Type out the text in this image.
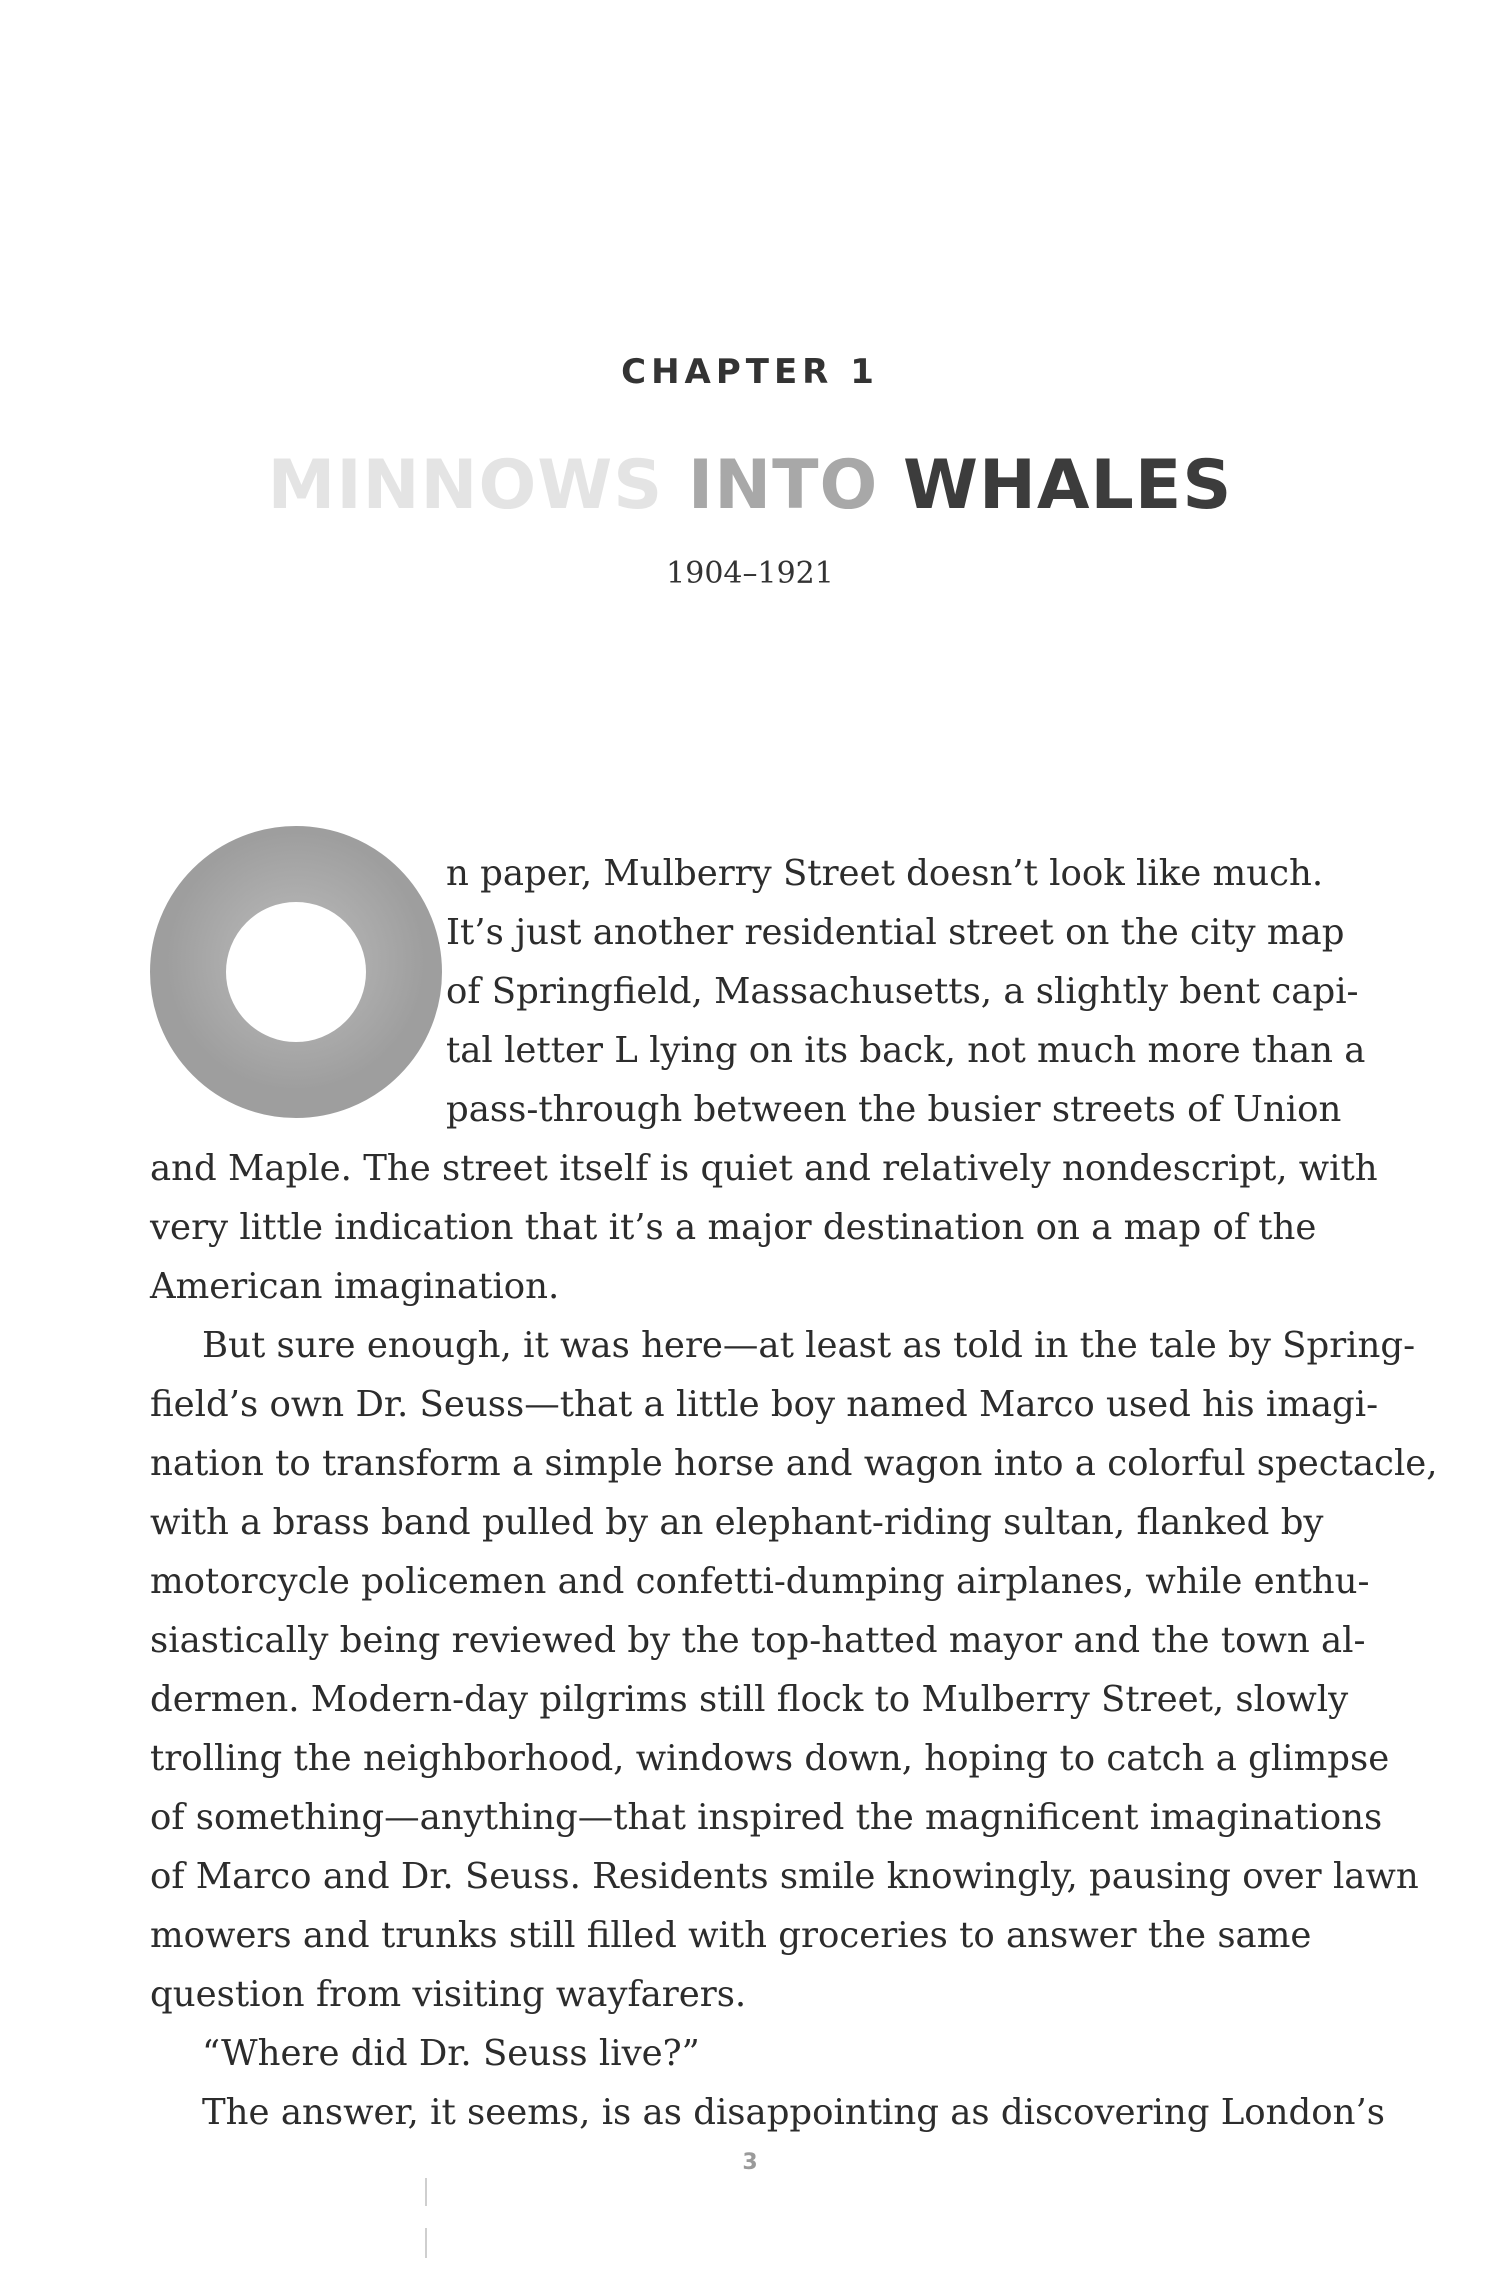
CHAPTER 1
MINNOWS INTO WHALES
1904–1921
n paper, Mulberry Street doesn’t look like much.
It’s just another residential street on the city map
of Springfield, Massachusetts, a slightly bent capi-
tal letter L lying on its back, not much more than a
pass-through between the busier streets of Union
and Maple. The street itself is quiet and relatively nondescript, with
very little indication that it’s a major destination on a map of the
American imagination.
But sure enough, it was here—at least as told in the tale by Spring-
field’s own Dr. Seuss—that a little boy named Marco used his imagi-
nation to transform a simple horse and wagon into a colorful spectacle,
with a brass band pulled by an elephant-riding sultan, flanked by
motorcycle policemen and confetti-dumping airplanes, while enthu-
siastically being reviewed by the top-hatted mayor and the town al-
dermen. Modern-day pilgrims still flock to Mulberry Street, slowly
trolling the neighborhood, windows down, hoping to catch a glimpse
of something—anything—that inspired the magnificent imaginations
of Marco and Dr. Seuss. Residents smile knowingly, pausing over lawn
mowers and trunks still filled with groceries to answer the same
question from visiting wayfarers.
“Where did Dr. Seuss live?”
The answer, it seems, is as disappointing as discovering London’s
3
